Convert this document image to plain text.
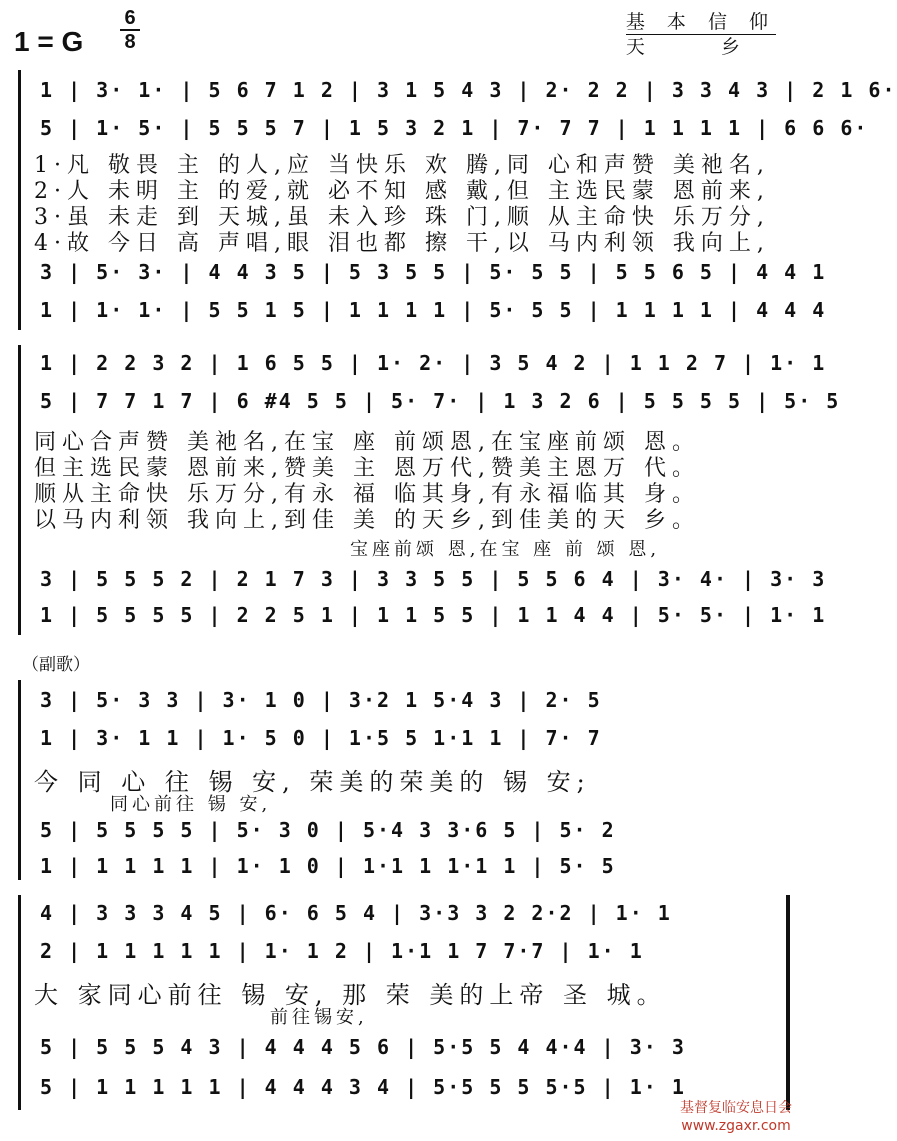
1 = G
6
8
基 本 信 仰
天　　 乡
1 | 3· 1· | 5 6 7 1 2 | 3 1 5 4 3 | 2· 2 2 | 3 3 4 3 | 2 1 6·
5 | 1· 5· | 5 5 5 7 | 1 5 3 2 1 | 7· 7 7 | 1 1 1 1 | 6 6 6·
1·凡 敬畏 主 的人,应 当快乐 欢 腾,同 心和声赞 美祂名,
2·人 未明 主 的爱,就 必不知 感 戴,但 主选民蒙 恩前来,
3·虽 未走 到 天城,虽 未入珍 珠 门,顺 从主命快 乐万分,
4·故 今日 高 声唱,眼 泪也都 擦 干,以 马内利领 我向上,
3 | 5· 3· | 4 4 3 5 | 5 3 5 5 | 5· 5 5 | 5 5 6 5 | 4 4 1
1 | 1· 1· | 5 5 1 5 | 1 1 1 1 | 5· 5 5 | 1 1 1 1 | 4 4 4
1 | 2 2 3 2 | 1 6 5 5 | 1· 2· | 3 5 4 2 | 1 1 2 7 | 1· 1
5 | 7 7 1 7 | 6 #4 5 5 | 5· 7· | 1 3 2 6 | 5 5 5 5 | 5· 5
同心合声赞 美祂名,在宝 座 前颂恩,在宝座前颂 恩。
但主选民蒙 恩前来,赞美 主 恩万代,赞美主恩万 代。
顺从主命快 乐万分,有永 福 临其身,有永福临其 身。
以马内利领 我向上,到佳 美 的天乡,到佳美的天 乡。
宝座前颂 恩,在宝 座 前 颂 恩,
3 | 5 5 5 2 | 2 1 7 3 | 3 3 5 5 | 5 5 6 4 | 3· 4· | 3· 3
1 | 5 5 5 5 | 2 2 5 1 | 1 1 5 5 | 1 1 4 4 | 5· 5· | 1· 1
（副歌）
3 | 5· 3 3 | 3· 1 0 | 3·2 1 5·4 3 | 2· 5
1 | 3· 1 1 | 1· 5 0 | 1·5 5 1·1 1 | 7· 7
今 同 心 往 锡 安, 荣美的荣美的 锡 安;
同心前往 锡 安,
5 | 5 5 5 5 | 5· 3 0 | 5·4 3 3·6 5 | 5· 2
1 | 1 1 1 1 | 1· 1 0 | 1·1 1 1·1 1 | 5· 5
4 | 3 3 3 4 5 | 6· 6 5 4 | 3·3 3 2 2·2 | 1· 1
2 | 1 1 1 1 1 | 1· 1 2 | 1·1 1 7 7·7 | 1· 1
大 家同心前往 锡 安, 那 荣 美的上帝 圣 城。
前往锡安,
5 | 5 5 5 4 3 | 4 4 4 5 6 | 5·5 5 4 4·4 | 3· 3
5 | 1 1 1 1 1 | 4 4 4 3 4 | 5·5 5 5 5·5 | 1· 1
基督复临安息日会
www.zgaxr.com
